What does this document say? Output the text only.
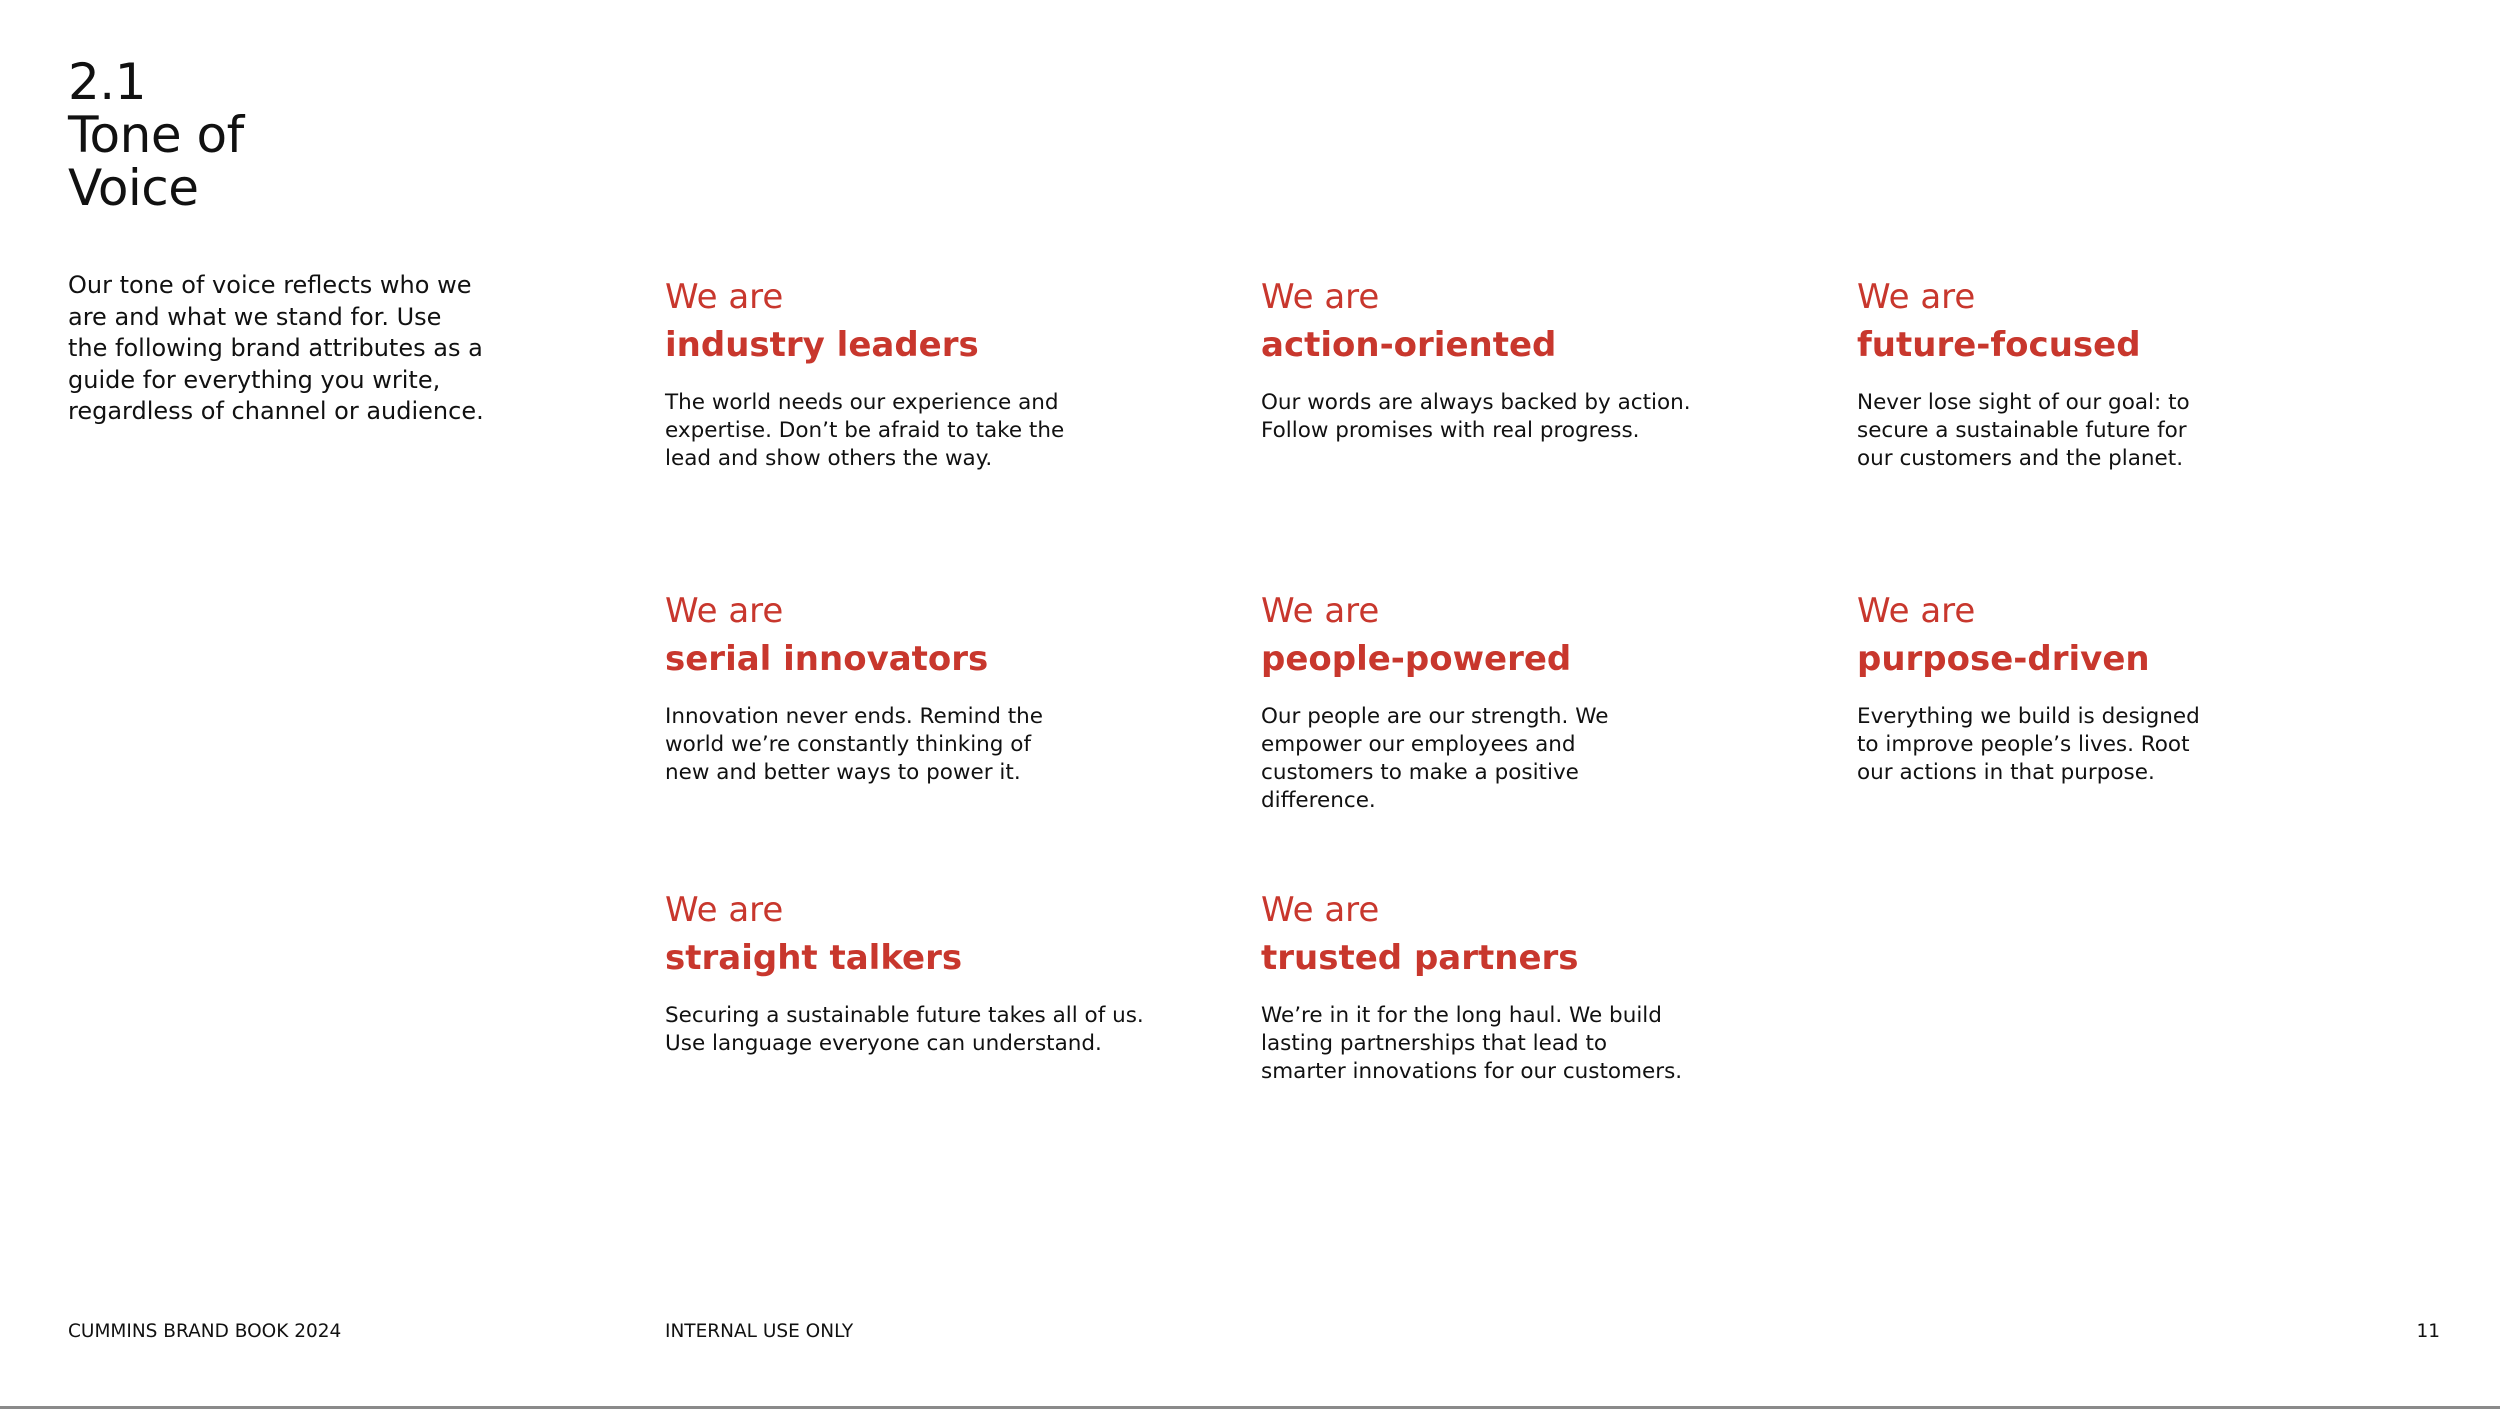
2.1
Tone of
Voice

Our tone of voice reflects who we are and what we stand for. Use the following brand attributes as a guide for everything you write, regardless of channel or audience.

We are
industry leaders

The world needs our experience and expertise. Don’t be afraid to take the lead and show others the way.

We are
action-oriented

Our words are always backed by action. Follow promises with real progress.

We are
future-focused

Never lose sight of our goal: to secure a sustainable future for our customers and the planet.

We are
serial innovators

Innovation never ends. Remind the world we’re constantly thinking of new and better ways to power it.

We are
people-powered

Our people are our strength. We empower our employees and customers to make a positive difference.

We are
purpose-driven

Everything we build is designed to improve people’s lives. Root our actions in that purpose.

We are
straight talkers

Securing a sustainable future takes all of us. Use language everyone can understand.

We are
trusted partners

We’re in it for the long haul. We build lasting partnerships that lead to smarter innovations for our customers.

CUMMINS BRAND BOOK 2024	INTERNAL USE ONLY	11
